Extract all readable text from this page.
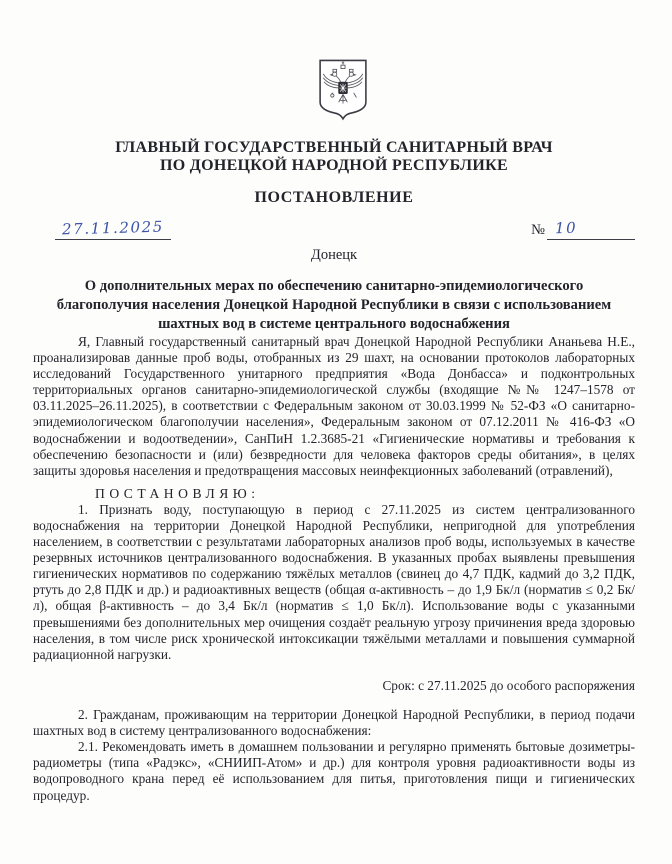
ГЛАВНЫЙ ГОСУДАРСТВЕННЫЙ САНИТАРНЫЙ ВРАЧ
ПО ДОНЕЦКОЙ НАРОДНОЙ РЕСПУБЛИКЕ
ПОСТАНОВЛЕНИЕ
27.11.2025	№ 10
Донецк
О дополнительных мерах по обеспечению санитарно-эпидемиологического благополучия населения Донецкой Народной Республики в связи с использованием шахтных вод в системе центрального водоснабжения

Я, Главный государственный санитарный врач Донецкой Народной Республики Ананьева Н.Е., проанализировав данные проб воды, отобранных из 29 шахт, на основании протоколов лабораторных исследований Государственного унитарного предприятия «Вода Донбасса» и подконтрольных территориальных органов санитарно-эпидемиологической службы (входящие №№ 1247–1578 от 03.11.2025–26.11.2025), в соответствии с Федеральным законом от 30.03.1999 № 52-ФЗ «О санитарно-эпидемиологическом благополучии населения», Федеральным законом от 07.12.2011 № 416-ФЗ «О водоснабжении и водоотведении», СанПиН 1.2.3685-21 «Гигиенические нормативы и требования к обеспечению безопасности и (или) безвредности для человека факторов среды обитания», в целях защиты здоровья населения и предотвращения массовых неинфекционных заболеваний (отравлений),

ПОСТАНОВЛЯЮ:

1. Признать воду, поступающую в период с 27.11.2025 из систем централизованного водоснабжения на территории Донецкой Народной Республики, непригодной для употребления населением, в соответствии с результатами лабораторных анализов проб воды, используемых в качестве резервных источников централизованного водоснабжения. В указанных пробах выявлены превышения гигиенических нормативов по содержанию тяжёлых металлов (свинец до 4,7 ПДК, кадмий до 3,2 ПДК, ртуть до 2,8 ПДК и др.) и радиоактивных веществ (общая α-активность – до 1,9 Бк/л (норматив ≤ 0,2 Бк/л), общая β-активность – до 3,4 Бк/л (норматив ≤ 1,0 Бк/л). Использование воды с указанными превышениями без дополнительных мер очищения создаёт реальную угрозу причинения вреда здоровью населения, в том числе риск хронической интоксикации тяжёлыми металлами и повышения суммарной радиационной нагрузки.

Срок: с 27.11.2025 до особого распоряжения

2. Гражданам, проживающим на территории Донецкой Народной Республики, в период подачи шахтных вод в систему централизованного водоснабжения:

2.1. Рекомендовать иметь в домашнем пользовании и регулярно применять бытовые дозиметры-радиометры (типа «Радэкс», «СНИИП-Атом» и др.) для контроля уровня радиоактивности воды из водопроводного крана перед её использованием для питья, приготовления пищи и гигиенических процедур.
